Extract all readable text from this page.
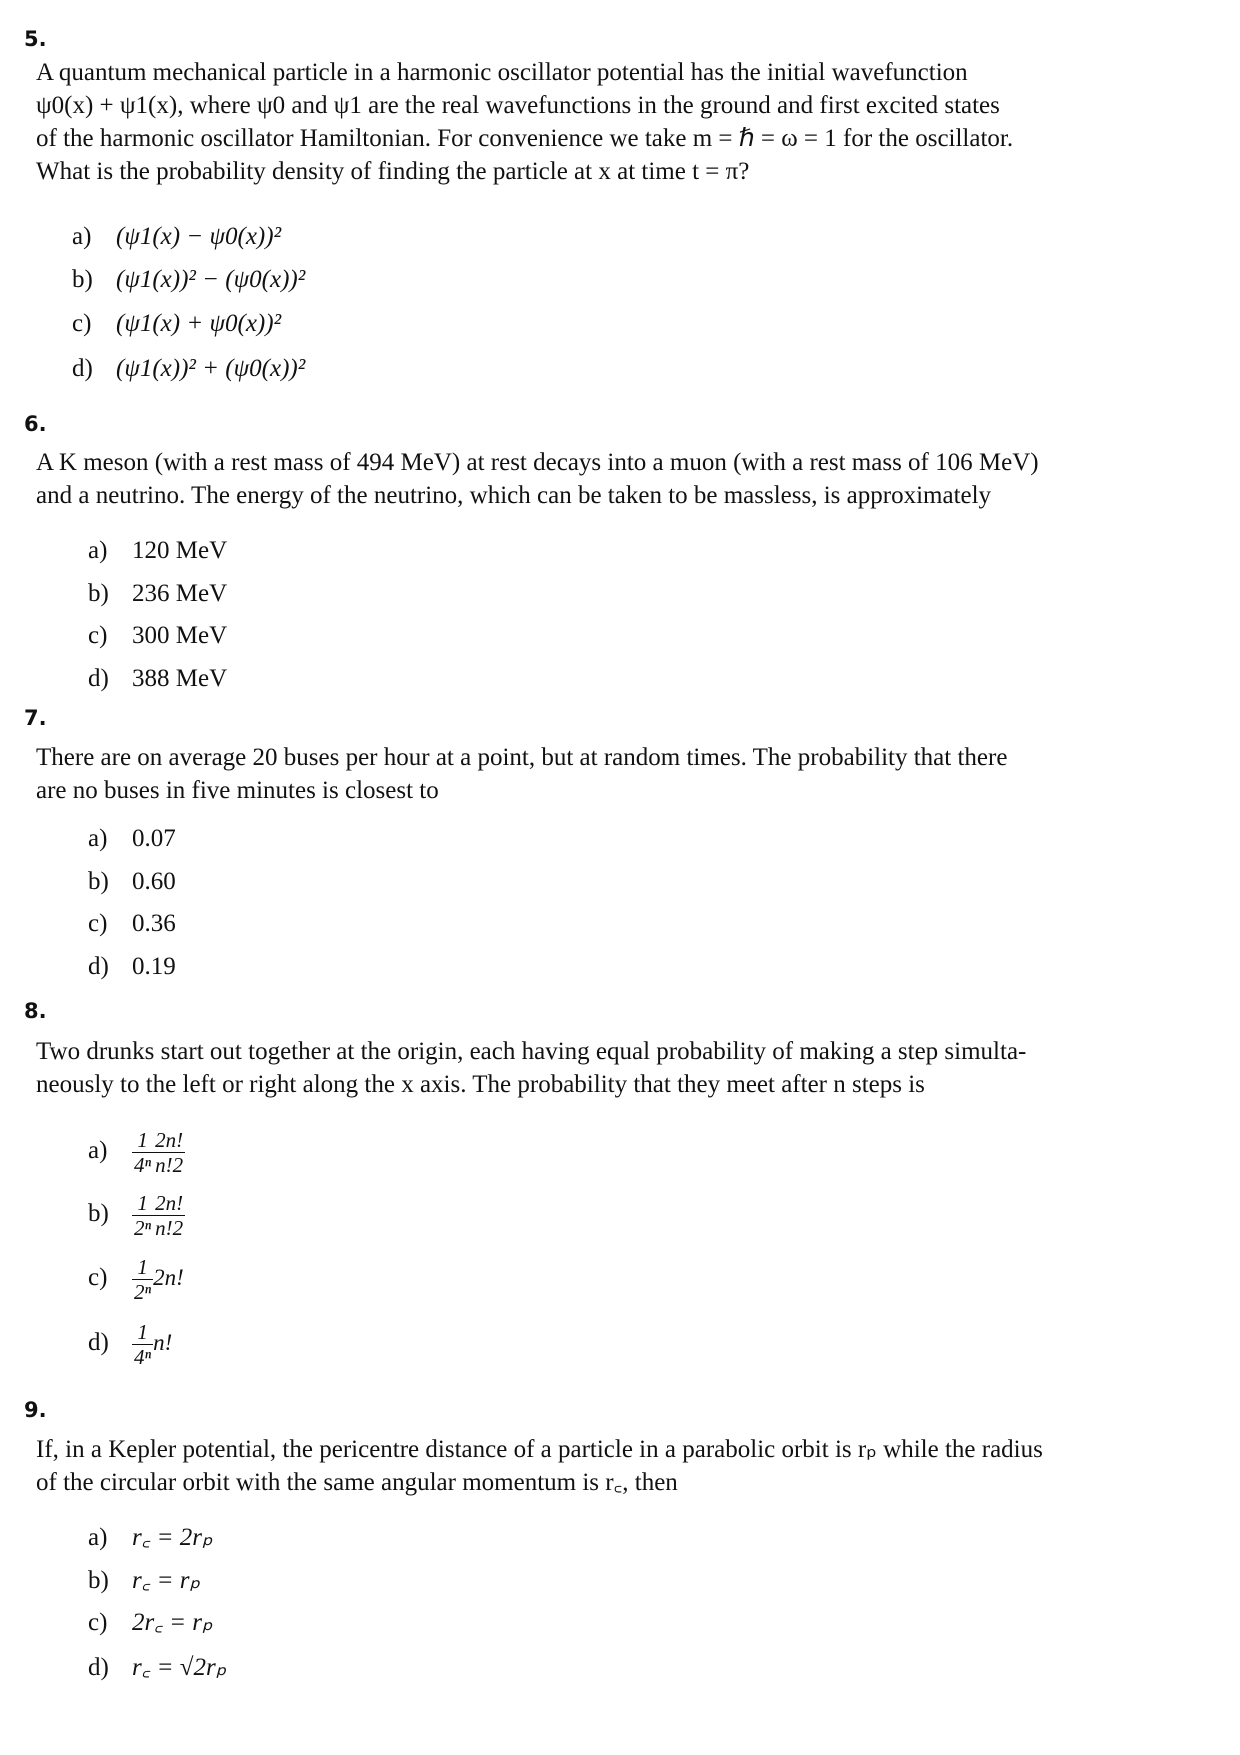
5.
A quantum mechanical particle in a harmonic oscillator potential has the initial wavefunction
ψ0(x) + ψ1(x), where ψ0 and ψ1 are the real wavefunctions in the ground and first excited states
of the harmonic oscillator Hamiltonian. For convenience we take m = ℏ = ω = 1 for the oscillator.
What is the probability density of finding the particle at x at time t = π?
a) (ψ1(x) − ψ0(x))²
b) (ψ1(x))² − (ψ0(x))²
c) (ψ1(x) + ψ0(x))²
d) (ψ1(x))² + (ψ0(x))²
6.
A K meson (with a rest mass of 494 MeV) at rest decays into a muon (with a rest mass of 106 MeV)
and a neutrino. The energy of the neutrino, which can be taken to be massless, is approximately
a) 120 MeV
b) 236 MeV
c) 300 MeV
d) 388 MeV
7.
There are on average 20 buses per hour at a point, but at random times. The probability that there
are no buses in five minutes is closest to
a) 0.07
b) 0.60
c) 0.36
d) 0.19
8.
Two drunks start out together at the origin, each having equal probability of making a step simulta-
neously to the left or right along the x axis. The probability that they meet after n steps is
$a) \frac{1}{\text{4ⁿ}} \frac{2n!}{n!2}$
$b) \frac{1}{\text{2ⁿ}} \frac{2n!}{n!2}$
$c) \frac{1}{\text{2ⁿ}} 2n$!
$d) \frac{1}{\text{4ⁿ}} n$!
9.
If, in a Kepler potential, the pericentre distance of a particle in a parabolic orbit is rₚ while the radius
of the circular orbit with the same angular momentum is r꜀, then
a) r꜀ = 2rₚ
b) r꜀ = rₚ
c) 2r꜀ = rₚ
d) r꜀ = √2rₚ
